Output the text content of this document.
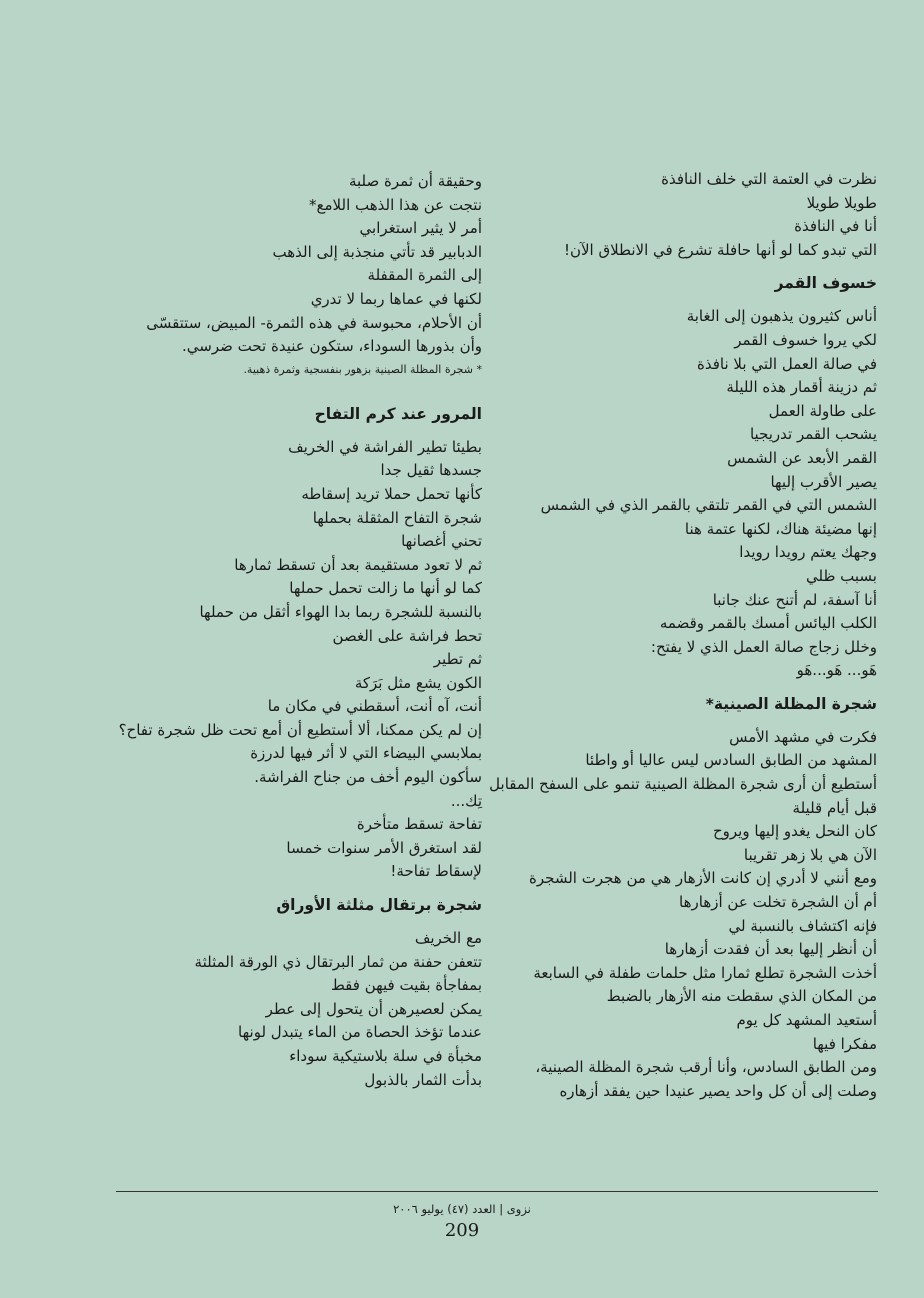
نظرت في العتمة التي خلف النافذة
طويلا طويلا
أنا في النافذة
التي تبدو كما لو أنها حافلة تشرع في الانطلاق الآن!
خسوف القمر
أناس كثيرون يذهبون إلى الغابة
لكي يروا خسوف القمر
في صالة العمل التي بلا نافذة
ثم دزينة أقمار هذه الليلة
على طاولة العمل
يشحب القمر تدريجيا
القمر الأبعد عن الشمس
يصير الأقرب إليها
الشمس التي في القمر تلتقي بالقمر الذي في الشمس
إنها مضيئة هناك، لكنها عتمة هنا
وجهك يعتم رويدا رويدا
بسبب ظلي
أنا آسفة، لم أتنح عنك جانبا
الكلب اليائس أمسك بالقمر وقضمه
وخلل زجاج صالة العمل الذي لا يفتح:
هَو... هَو...هَو
شجرة المظلة الصينية*
فكرت في مشهد الأمس
المشهد من الطابق السادس ليس عاليا أو واطئا
أستطيع أن أرى شجرة المظلة الصينية تنمو على السفح المقابل
قبل أيام قليلة
كان النحل يغدو إليها ويروح
الآن هي بلا زهر تقريبا
ومع أنني لا أدري إن كانت الأزهار هي من هجرت الشجرة
أم أن الشجرة تخلت عن أزهارها
فإنه اكتشاف بالنسبة لي
أن أنظر إليها بعد أن فقدت أزهارها
أخذت الشجرة تطلع ثمارا مثل حلمات طفلة في السابعة
من المكان الذي سقطت منه الأزهار بالضبط
أستعيد المشهد كل يوم
مفكرا فيها
ومن الطابق السادس، وأنا أرقب شجرة المظلة الصينية،
وصلت إلى أن كل واحد يصير عنيدا حين يفقد أزهاره
وحقيقة أن ثمرة صلبة
نتجت عن هذا الذهب اللامع*
أمر لا يثير استغرابي
الدبابير قد تأتي منجذبة إلى الذهب
إلى الثمرة المقفلة
لكنها في عماها ربما لا تدري
أن الأحلام، محبوسة في هذه الثمرة- المبيض، ستتقسّى
وأن بذورها السوداء، ستكون عنيدة تحت ضرسي.
* شجرة المظلة الصينية بزهور بنفسجية وثمرة ذهبية.
المرور عند كرم التفاح
بطيئا تطير الفراشة في الخريف
جسدها ثقيل جدا
كأنها تحمل حملا تريد إسقاطه
شجرة التفاح المثقلة بحملها
تحني أغصانها
ثم لا تعود مستقيمة بعد أن تسقط ثمارها
كما لو أنها ما زالت تحمل حملها
بالنسبة للشجرة ربما بدا الهواء أثقل من حملها
تحط فراشة على الغصن
ثم تطير
الكون يشع مثل بَرَكة
أنت، آه أنت، أسقطني في مكان ما
إن لم يكن ممكنا، ألا أستطيع أن أمع تحت ظل شجرة تفاح؟
بملابسي البيضاء التي لا أثر فيها لدرزة
سأكون اليوم أخف من جناح الفراشة.
تِك...
تفاحة تسقط متأخرة
لقد استغرق الأمر سنوات خمسا
لإسقاط تفاحة!
شجرة برتقال مثلثة الأوراق
مع الخريف
تتعفن حفنة من ثمار البرتقال ذي الورقة المثلثة
بمفاجأة بقيت فيهن فقط
يمكن لعصيرهن أن يتحول إلى عطر
عندما تؤخذ الحصاة من الماء يتبدل لونها
مخبأة في سلة بلاستيكية سوداء
بدأت الثمار بالذبول
نزوى | العدد (٤٧) يوليو ٢٠٠٦
209
